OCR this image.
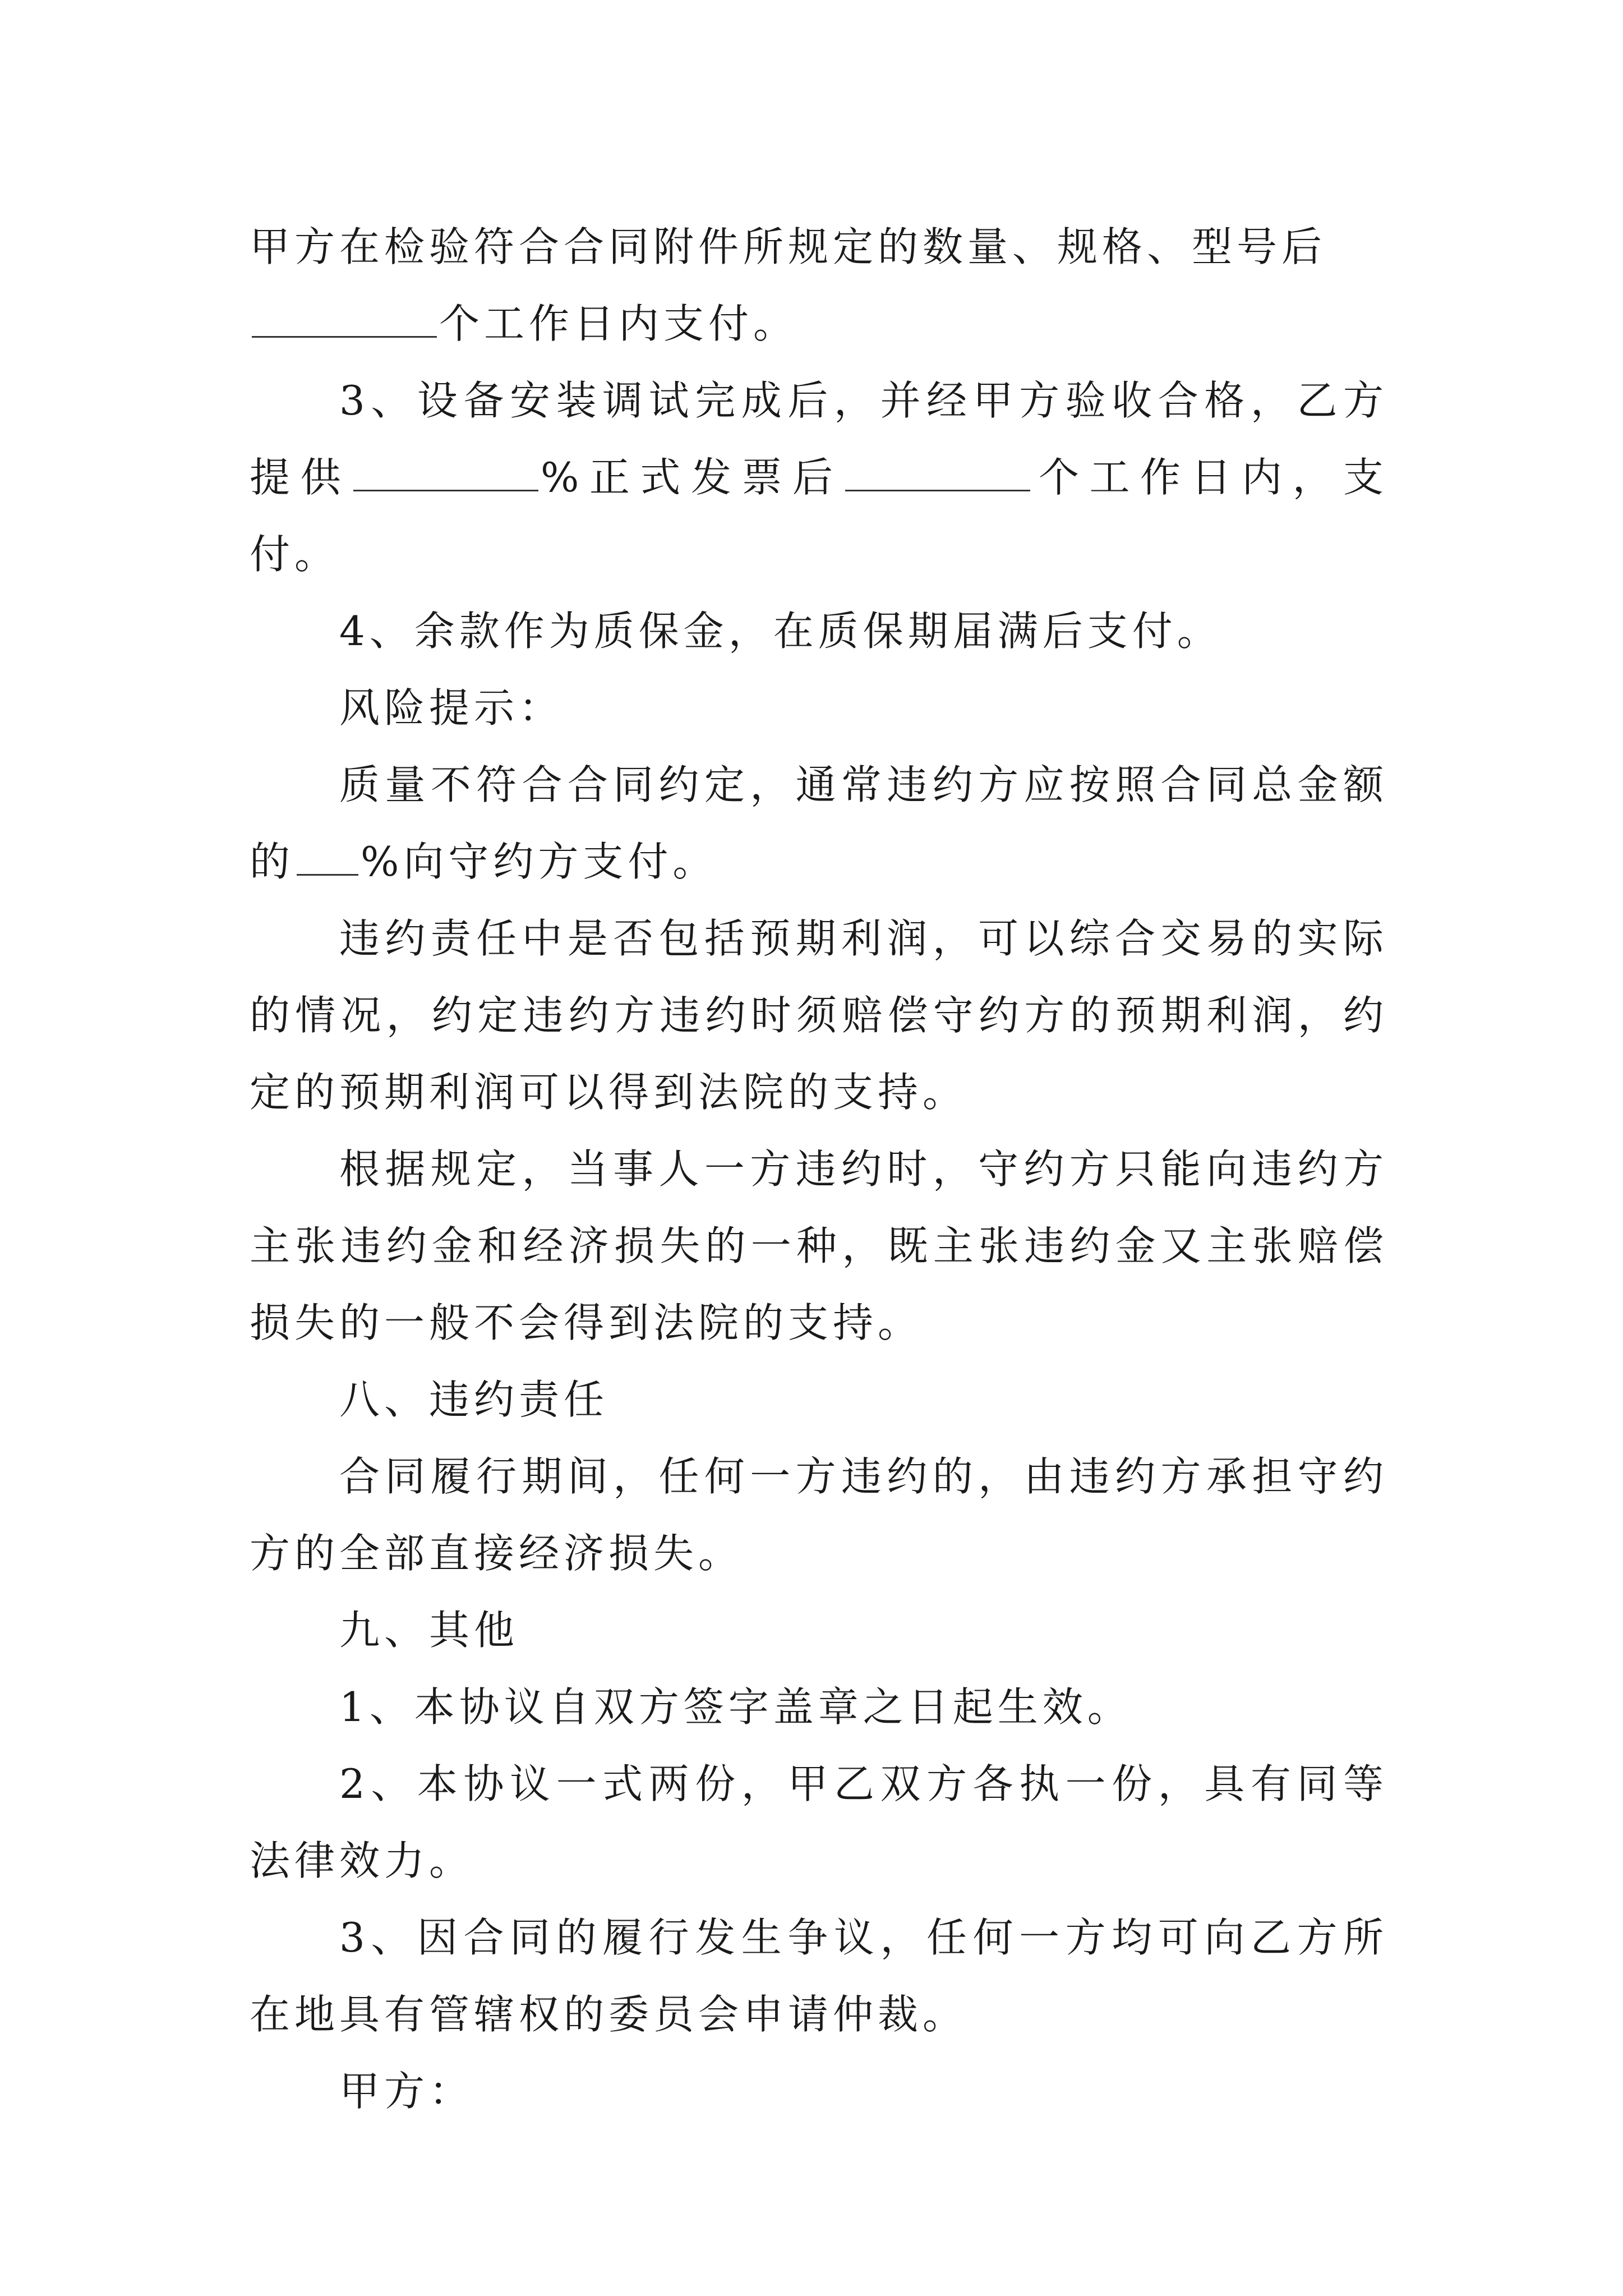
甲方在检验符合合同附件所规定的数量、规格、型号后
个工作日内支付。

3、设备安装调试完成后，并经甲方验收合格，乙方提供	%正式发票后	个工作日内，支付。

4、余款作为质保金，在质保期届满后支付。

风险提示：

质量不符合合同约定，通常违约方应按照合同总金额的 %向守约方支付。

违约责任中是否包括预期利润，可以综合交易的实际的情况，约定违约方违约时须赔偿守约方的预期利润，约定的预期利润可以得到法院的支持。

根据规定，当事人一方违约时，守约方只能向违约方主张违约金和经济损失的一种，既主张违约金又主张赔偿损失的一般不会得到法院的支持。

八、违约责任

合同履行期间，任何一方违约的，由违约方承担守约方的全部直接经济损失。

九、其他

1、本协议自双方签字盖章之日起生效。

2、本协议一式两份，甲乙双方各执一份，具有同等法律效力。

3、因合同的履行发生争议，任何一方均可向乙方所在地具有管辖权的委员会申请仲裁。

甲方：
